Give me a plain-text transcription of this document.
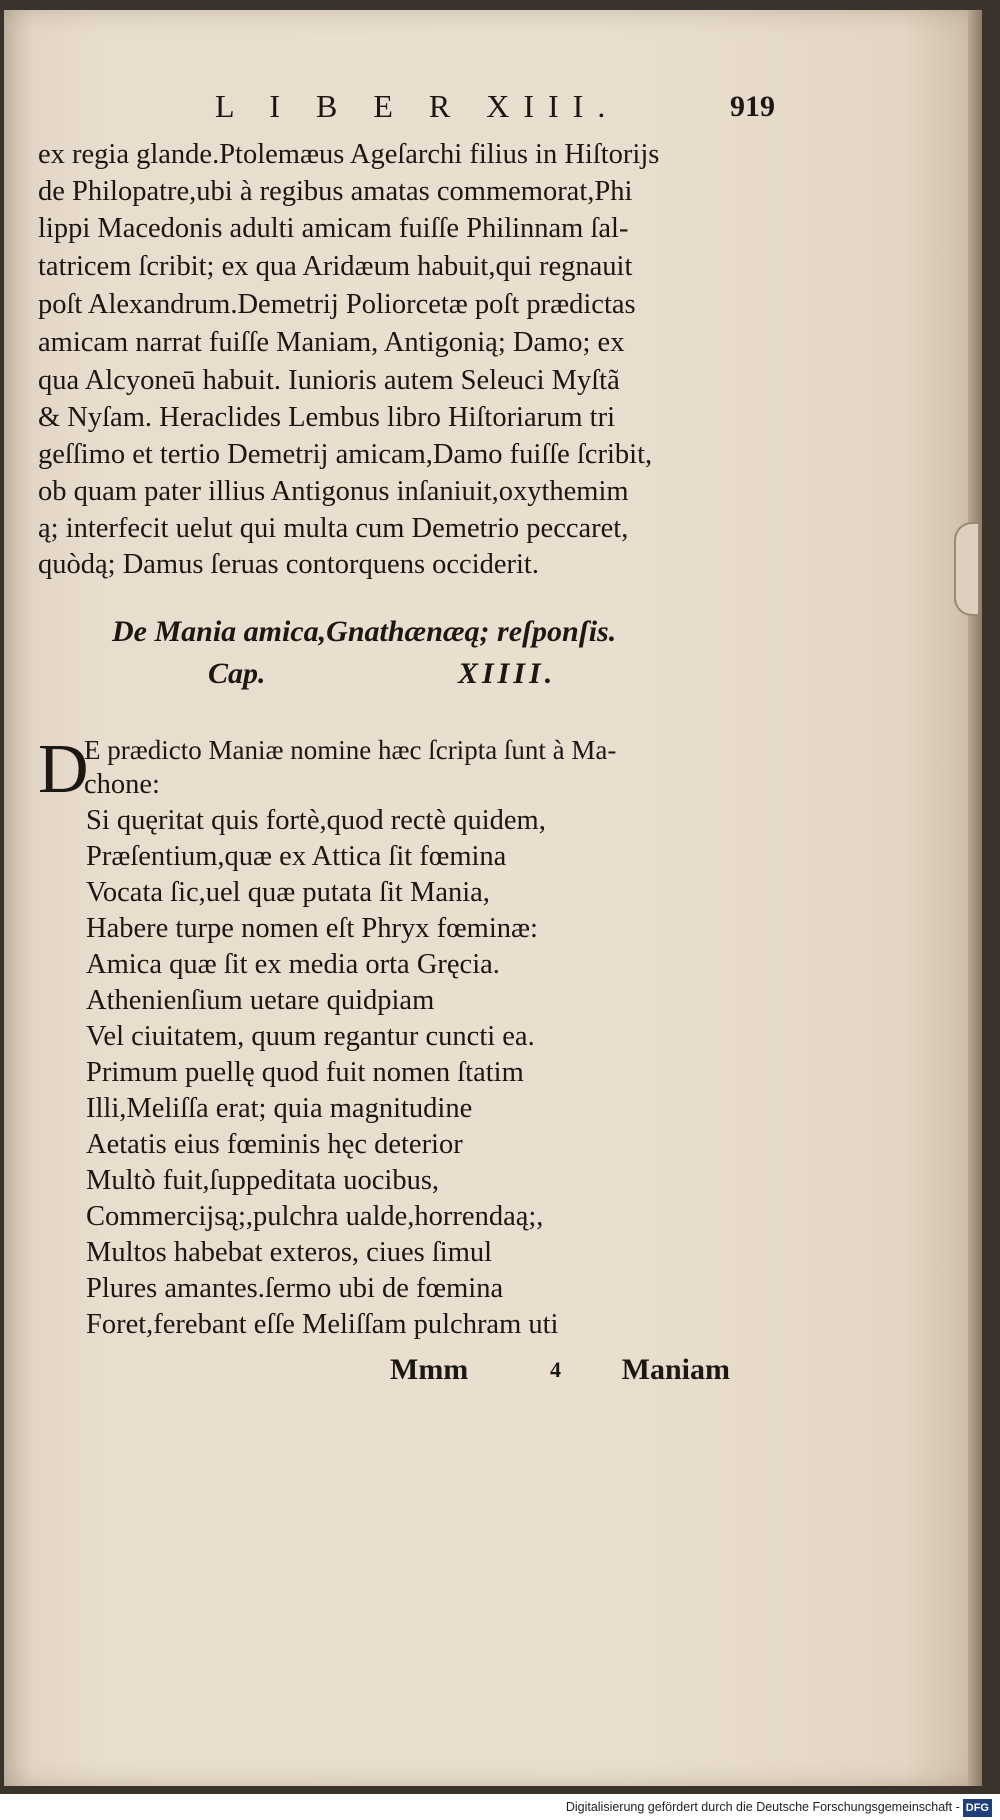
L I B E R XIII.	919
ex regia glande.Ptolemæus Ageſarchi filius in Hiſtorijs
de Philopatre,ubi à regibus amatas commemorat,Phi
lippi Macedonis adulti amicam fuiſſe Philinnam ſal-
tatricem ſcribit; ex qua Aridæum habuit,qui regnauit
poſt Alexandrum.Demetrij Poliorcetæ poſt prædictas
amicam narrat fuiſſe Maniam, Antigonią; Damo; ex
qua Alcyoneū habuit. Iunioris autem Seleuci Myſtã
& Nyſam. Heraclides Lembus libro Hiſtoriarum tri
geſſimo et tertio Demetrij amicam,Damo fuiſſe ſcribit,
ob quam pater illius Antigonus inſaniuit,oxythemim
ą; interfecit uelut qui multa cum Demetrio peccaret,
quòdą; Damus ſeruas contorquens occiderit.
De Mania amica,Gnathænæą; reſponſis.
Cap.	XIIII.
D
E prædicto Maniæ nomine hæc ſcripta ſunt à Ma-
chone:
Si quęritat quis fortè,quod rectè quidem,
Præſentium,quæ ex Attica ſit fœmina
Vocata ſic,uel quæ putata ſit Mania,
Habere turpe nomen eſt Phryx fœminæ:
Amica quæ ſit ex media orta Gręcia.
Athenienſium uetare quidpiam
Vel ciuitatem, quum regantur cuncti ea.
Primum puellę quod fuit nomen ſtatim
Illi,Meliſſa erat; quia magnitudine
Aetatis eius fœminis hęc deterior
Multò fuit,ſuppeditata uocibus,
Commercijsą;,pulchra ualde,horrendaą;,
Multos habebat exteros, ciues ſimul
Plures amantes.ſermo ubi de fœmina
Foret,ferebant eſſe Meliſſam pulchram uti
Mmm	4 Maniam
Digitalisierung gefördert durch die Deutsche Forschungsgemeinschaft - DFG
